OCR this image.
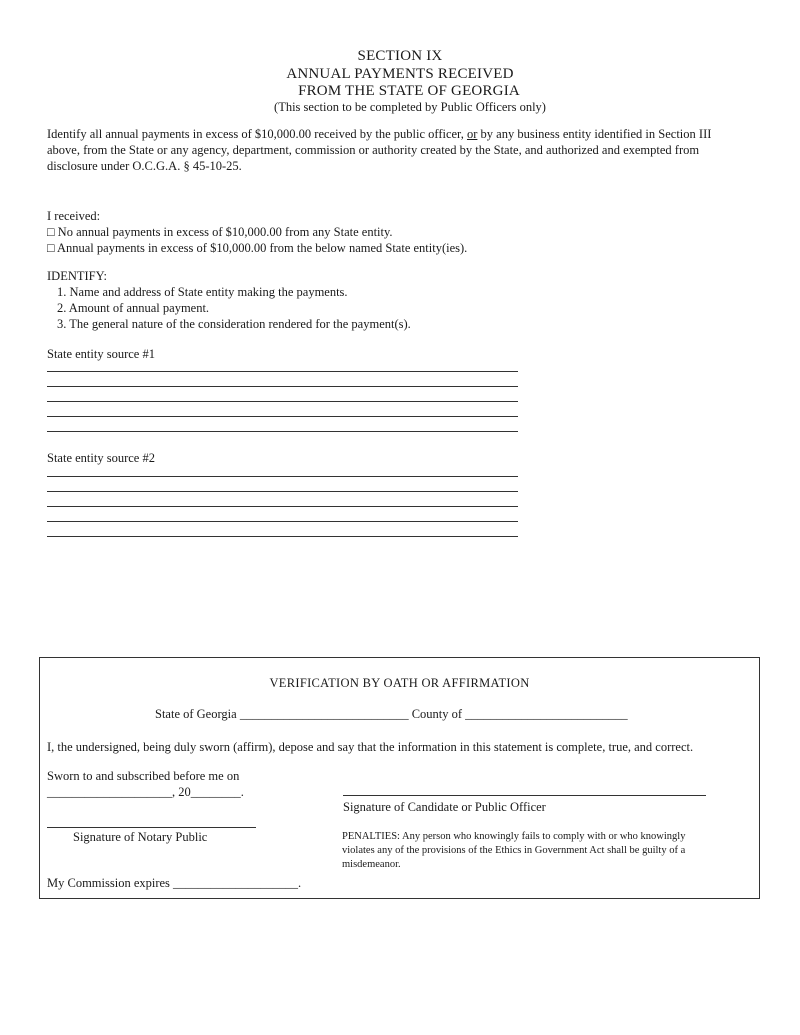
SECTION IX
ANNUAL PAYMENTS RECEIVED
FROM THE STATE OF GEORGIA
(This section to be completed by Public Officers only)
Identify all annual payments in excess of $10,000.00 received by the public officer, or by any business entity identified in Section III
above, from the State or any agency, department, commission or authority created by the State, and authorized and exempted from
disclosure under O.C.G.A. § 45-10-25.
I received:
□ No annual payments in excess of $10,000.00 from any State entity.
□ Annual payments in excess of $10,000.00 from the below named State entity(ies).
IDENTIFY:
1. Name and address of State entity making the payments.
2. Amount of annual payment.
3. The general nature of the consideration rendered for the payment(s).
State entity source #1
State entity source #2
VERIFICATION BY OATH OR AFFIRMATION
State of Georgia ___________________________ County of __________________________
I, the undersigned, being duly sworn (affirm), depose and say that the information in this statement is complete, true, and correct.
Sworn to and subscribed before me on
____________________, 20________.
Signature of Candidate or Public Officer
Signature of Notary Public	PENALTIES: Any person who knowingly fails to comply with or who knowingly
violates any of the provisions of the Ethics in Government Act shall be guilty of a
misdemeanor.
My Commission expires ____________________.
